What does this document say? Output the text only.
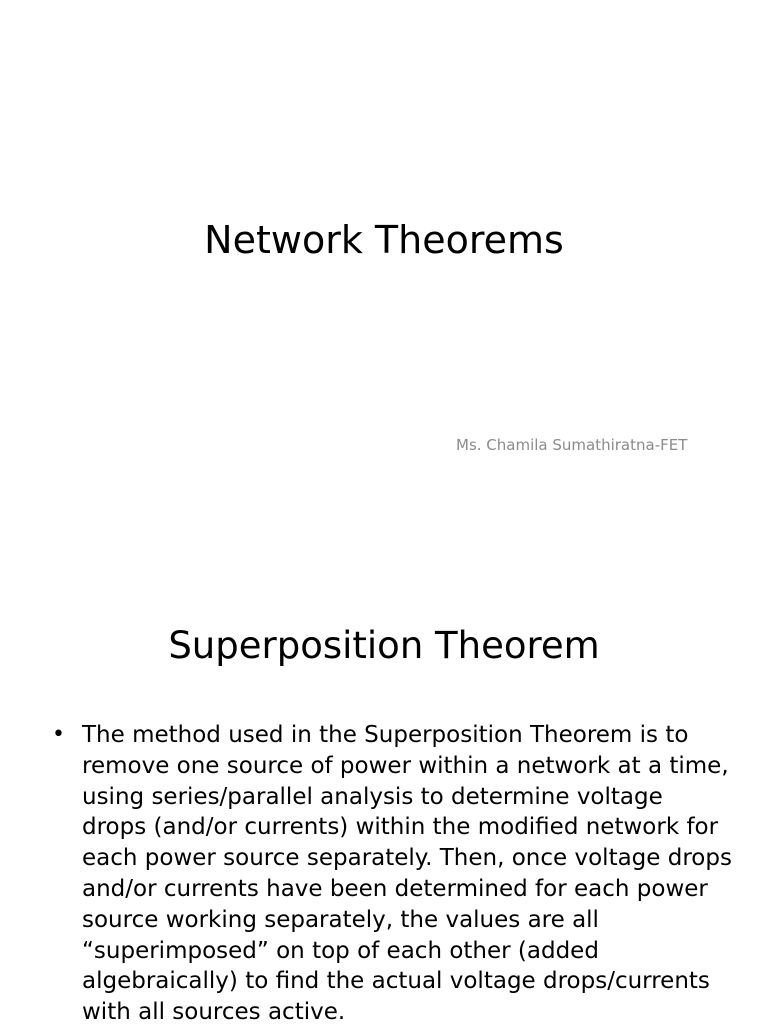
Network Theorems

Ms. Chamila Sumathiratna-FET

Superposition Theorem
• The method used in the Superposition Theorem is to remove one source of power within a network at a time, using series/parallel analysis to determine voltage drops (and/or currents) within the modified network for each power source separately. Then, once voltage drops and/or currents have been determined for each power source working separately, the values are all “superimposed” on top of each other (added algebraically) to find the actual voltage drops/currents with all sources active.
